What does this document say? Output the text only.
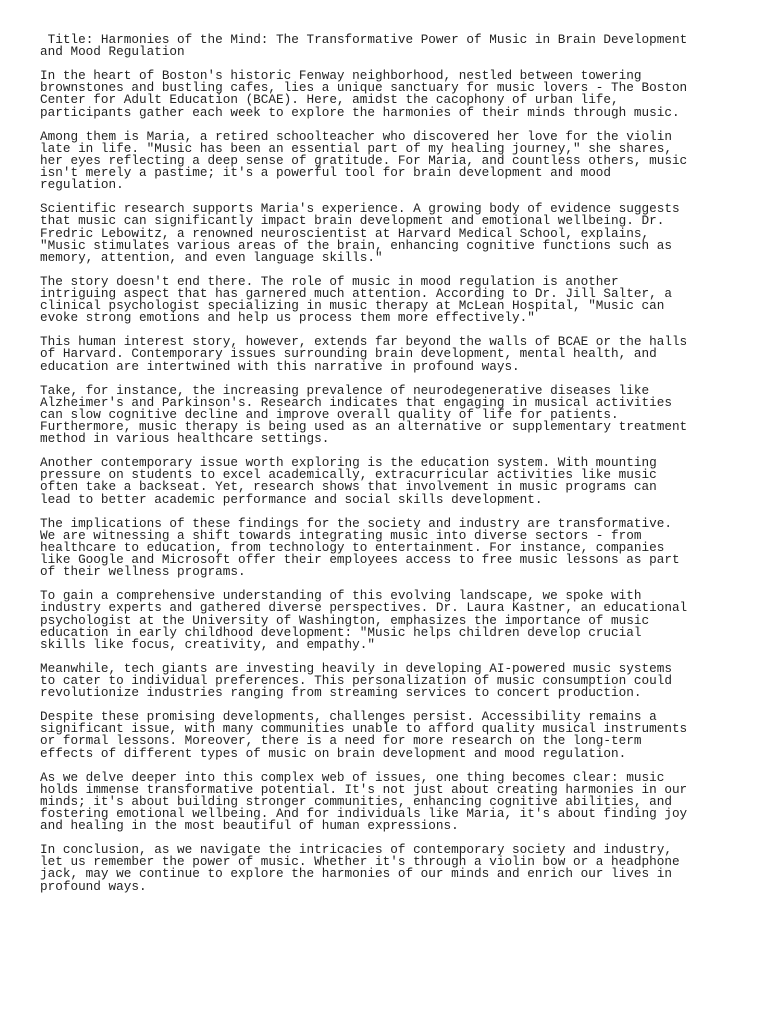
Title: Harmonies of the Mind: The Transformative Power of Music in Brain Development
and Mood Regulation

In the heart of Boston's historic Fenway neighborhood, nestled between towering
brownstones and bustling cafes, lies a unique sanctuary for music lovers - The Boston
Center for Adult Education (BCAE). Here, amidst the cacophony of urban life,
participants gather each week to explore the harmonies of their minds through music.

Among them is Maria, a retired schoolteacher who discovered her love for the violin
late in life. "Music has been an essential part of my healing journey," she shares,
her eyes reflecting a deep sense of gratitude. For Maria, and countless others, music
isn't merely a pastime; it's a powerful tool for brain development and mood
regulation.

Scientific research supports Maria's experience. A growing body of evidence suggests
that music can significantly impact brain development and emotional wellbeing. Dr.
Fredric Lebowitz, a renowned neuroscientist at Harvard Medical School, explains,
"Music stimulates various areas of the brain, enhancing cognitive functions such as
memory, attention, and even language skills."

The story doesn't end there. The role of music in mood regulation is another
intriguing aspect that has garnered much attention. According to Dr. Jill Salter, a
clinical psychologist specializing in music therapy at McLean Hospital, "Music can
evoke strong emotions and help us process them more effectively."

This human interest story, however, extends far beyond the walls of BCAE or the halls
of Harvard. Contemporary issues surrounding brain development, mental health, and
education are intertwined with this narrative in profound ways.

Take, for instance, the increasing prevalence of neurodegenerative diseases like
Alzheimer's and Parkinson's. Research indicates that engaging in musical activities
can slow cognitive decline and improve overall quality of life for patients.
Furthermore, music therapy is being used as an alternative or supplementary treatment
method in various healthcare settings.

Another contemporary issue worth exploring is the education system. With mounting
pressure on students to excel academically, extracurricular activities like music
often take a backseat. Yet, research shows that involvement in music programs can
lead to better academic performance and social skills development.

The implications of these findings for the society and industry are transformative.
We are witnessing a shift towards integrating music into diverse sectors - from
healthcare to education, from technology to entertainment. For instance, companies
like Google and Microsoft offer their employees access to free music lessons as part
of their wellness programs.

To gain a comprehensive understanding of this evolving landscape, we spoke with
industry experts and gathered diverse perspectives. Dr. Laura Kastner, an educational
psychologist at the University of Washington, emphasizes the importance of music
education in early childhood development: "Music helps children develop crucial
skills like focus, creativity, and empathy."

Meanwhile, tech giants are investing heavily in developing AI-powered music systems
to cater to individual preferences. This personalization of music consumption could
revolutionize industries ranging from streaming services to concert production.

Despite these promising developments, challenges persist. Accessibility remains a
significant issue, with many communities unable to afford quality musical instruments
or formal lessons. Moreover, there is a need for more research on the long-term
effects of different types of music on brain development and mood regulation.

As we delve deeper into this complex web of issues, one thing becomes clear: music
holds immense transformative potential. It's not just about creating harmonies in our
minds; it's about building stronger communities, enhancing cognitive abilities, and
fostering emotional wellbeing. And for individuals like Maria, it's about finding joy
and healing in the most beautiful of human expressions.

In conclusion, as we navigate the intricacies of contemporary society and industry,
let us remember the power of music. Whether it's through a violin bow or a headphone
jack, may we continue to explore the harmonies of our minds and enrich our lives in
profound ways.
